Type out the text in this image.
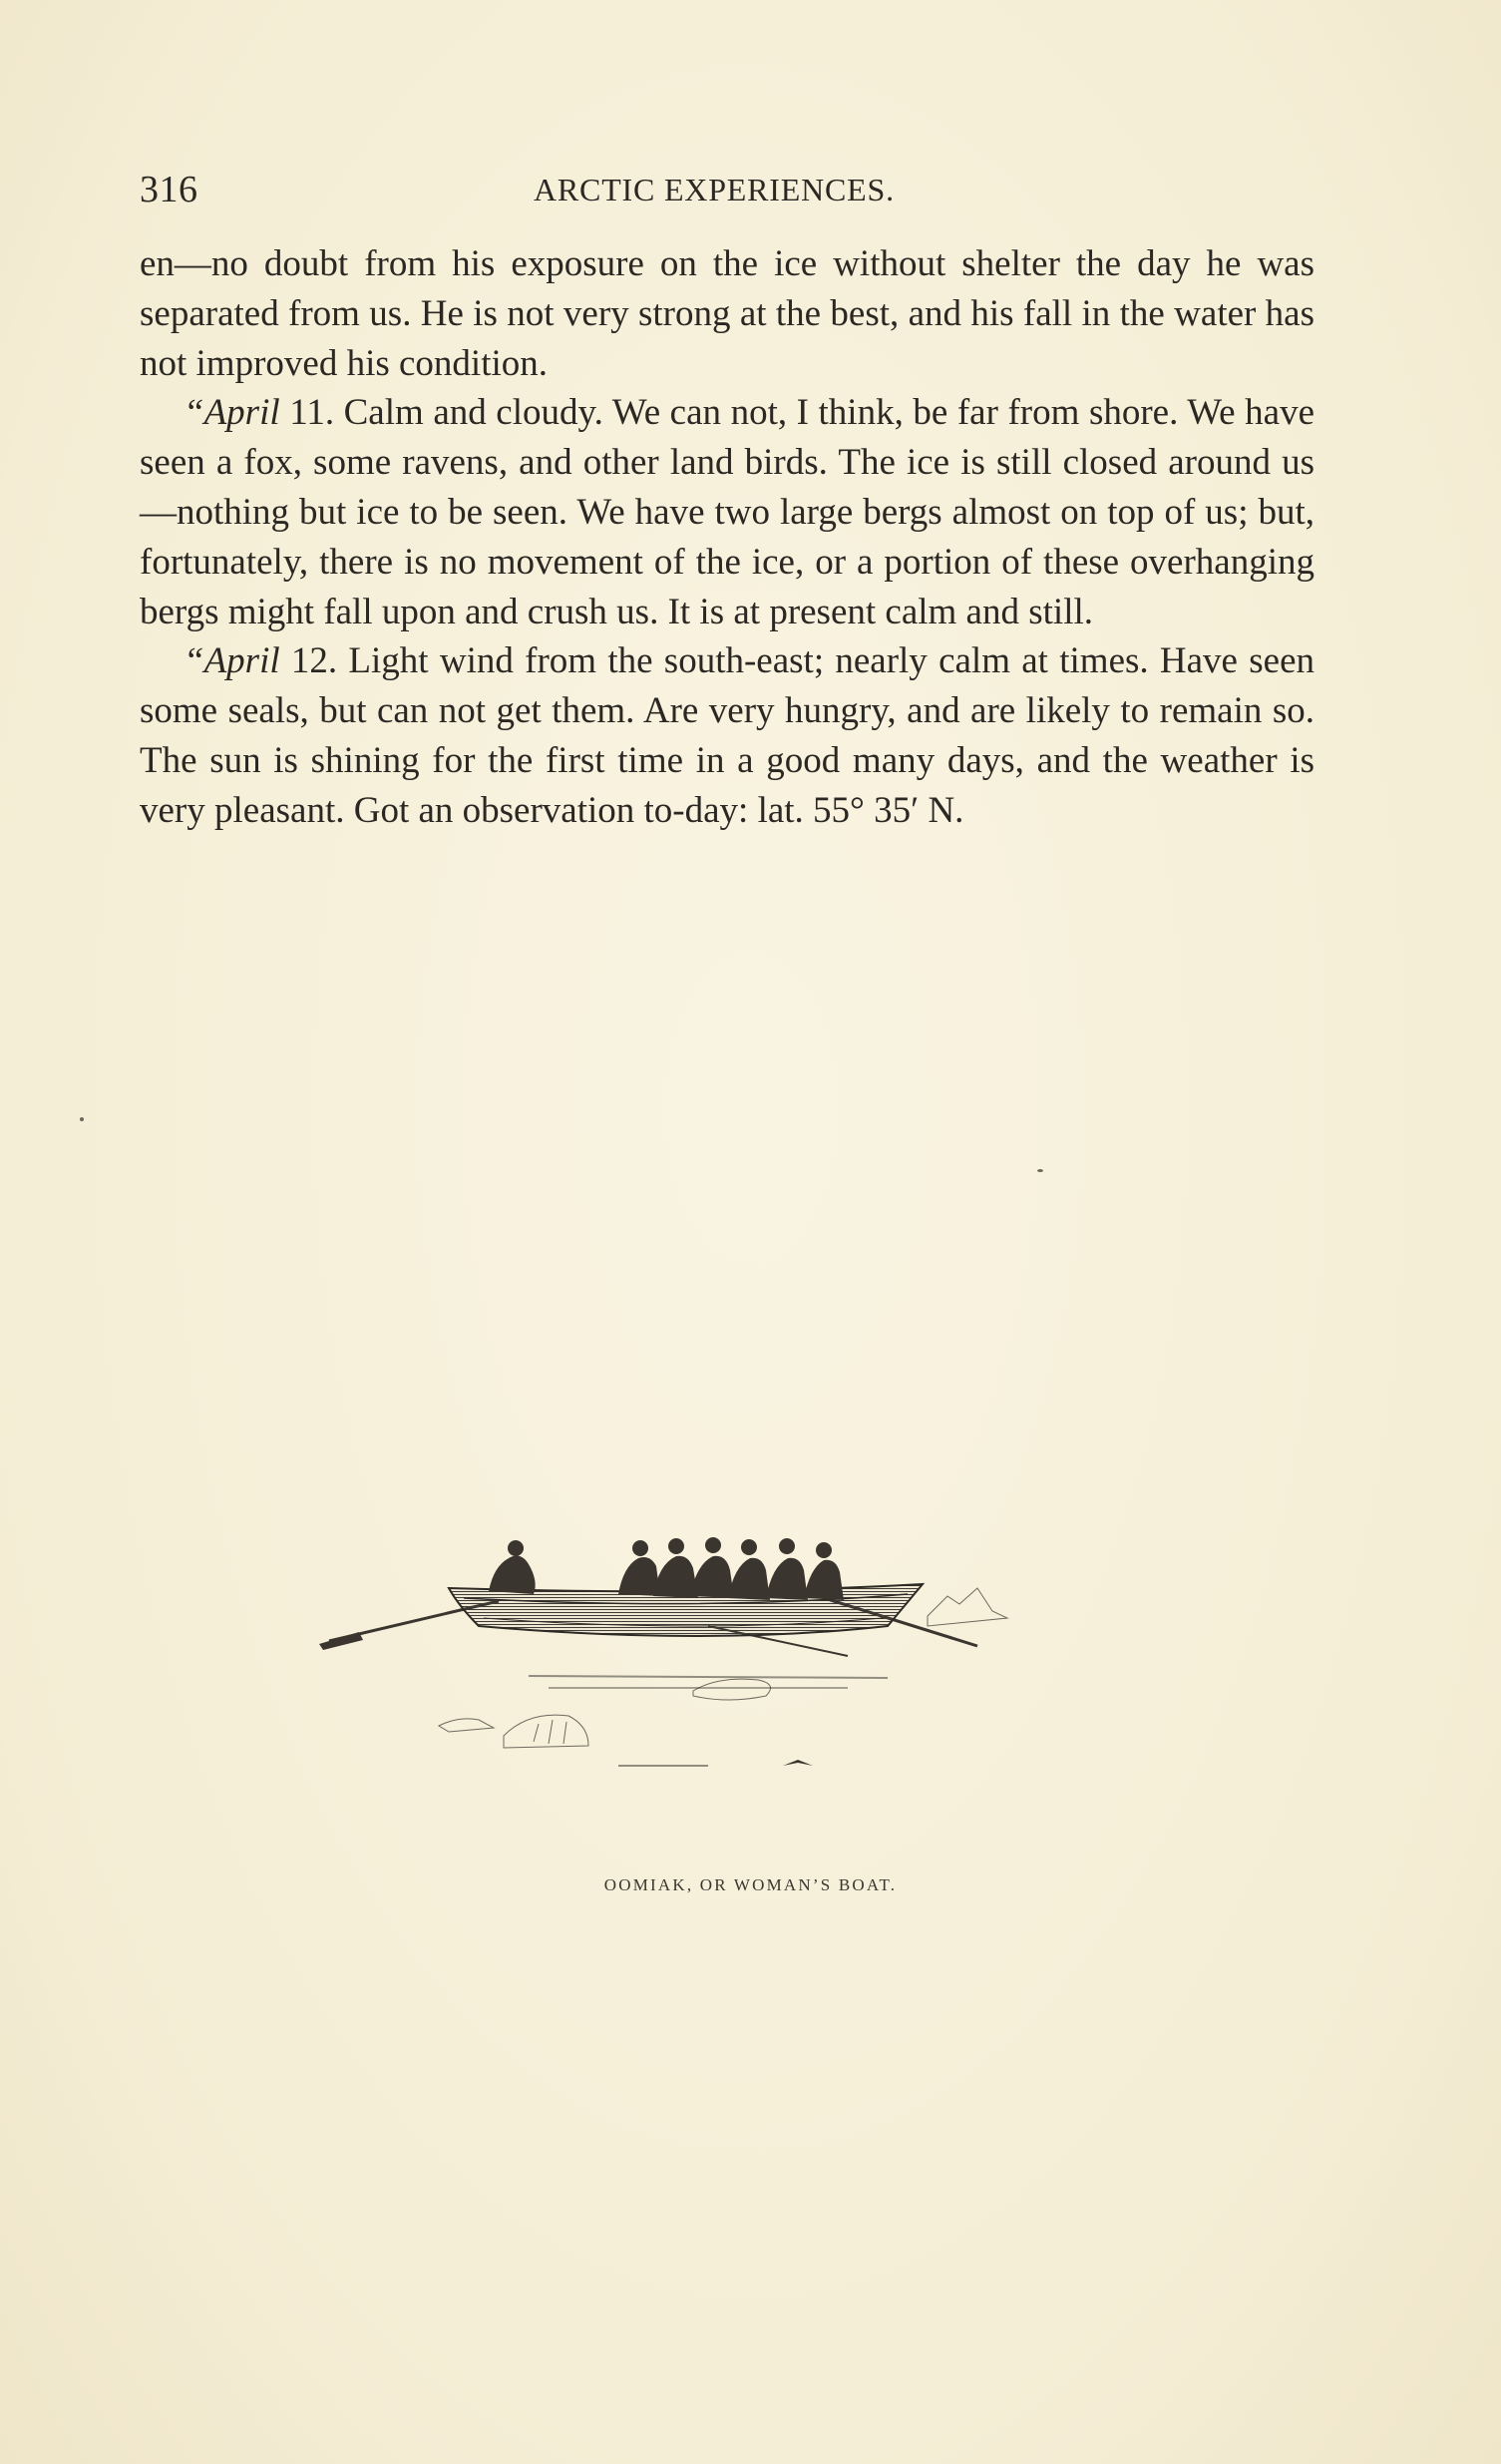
316	ARCTIC EXPERIENCES.

en—no doubt from his exposure on the ice without shelter the day he was separated from us. He is not very strong at the best, and his fall in the water has not improved his condition.

“April 11. Calm and cloudy. We can not, I think, be far from shore. We have seen a fox, some ravens, and other land birds. The ice is still closed around us—nothing but ice to be seen. We have two large bergs almost on top of us; but, fortunately, there is no movement of the ice, or a portion of these overhanging bergs might fall upon and crush us. It is at present calm and still.

“April 12. Light wind from the south-east; nearly calm at times. Have seen some seals, but can not get them. Are very hungry, and are likely to remain so. The sun is shining for the first time in a good many days, and the weather is very pleasant. Got an observation to-day: lat. 55° 35′ N.

OOMIAK, OR WOMAN’S BOAT.
